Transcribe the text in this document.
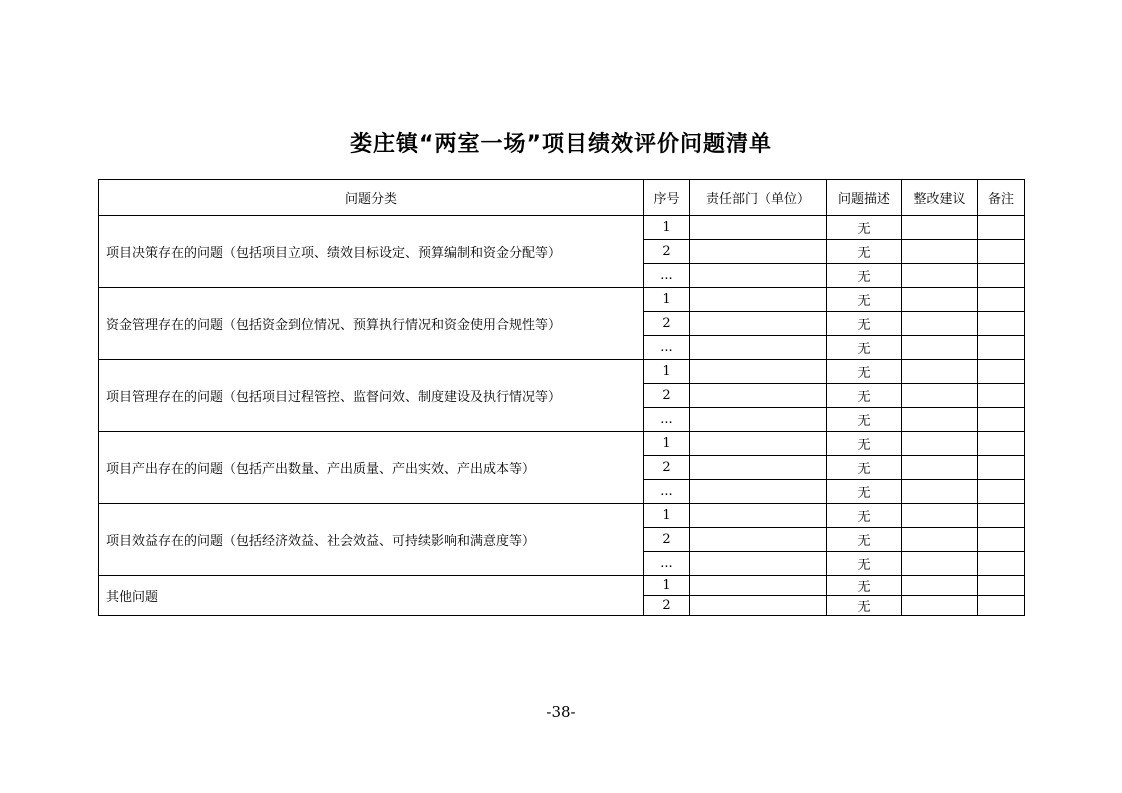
娄庄镇“两室一场”项目绩效评价问题清单
问题分类	序号	责任部门（单位）	问题描述	整改建议	备注
项目决策存在的问题（包括项目立项、绩效目标设定、预算编制和资金分配等）	1		无		
	2		无		
	...		无		
资金管理存在的问题（包括资金到位情况、预算执行情况和资金使用合规性等）	1		无		
	2		无		
	...		无		
项目管理存在的问题（包括项目过程管控、监督问效、制度建设及执行情况等）	1		无		
	2		无		
	...		无		
项目产出存在的问题（包括产出数量、产出质量、产出实效、产出成本等）	1		无		
	2		无		
	...		无		
项目效益存在的问题（包括经济效益、社会效益、可持续影响和满意度等）	1		无		
	2		无		
	...		无		
其他问题	1		无		
	2		无		
-38-
